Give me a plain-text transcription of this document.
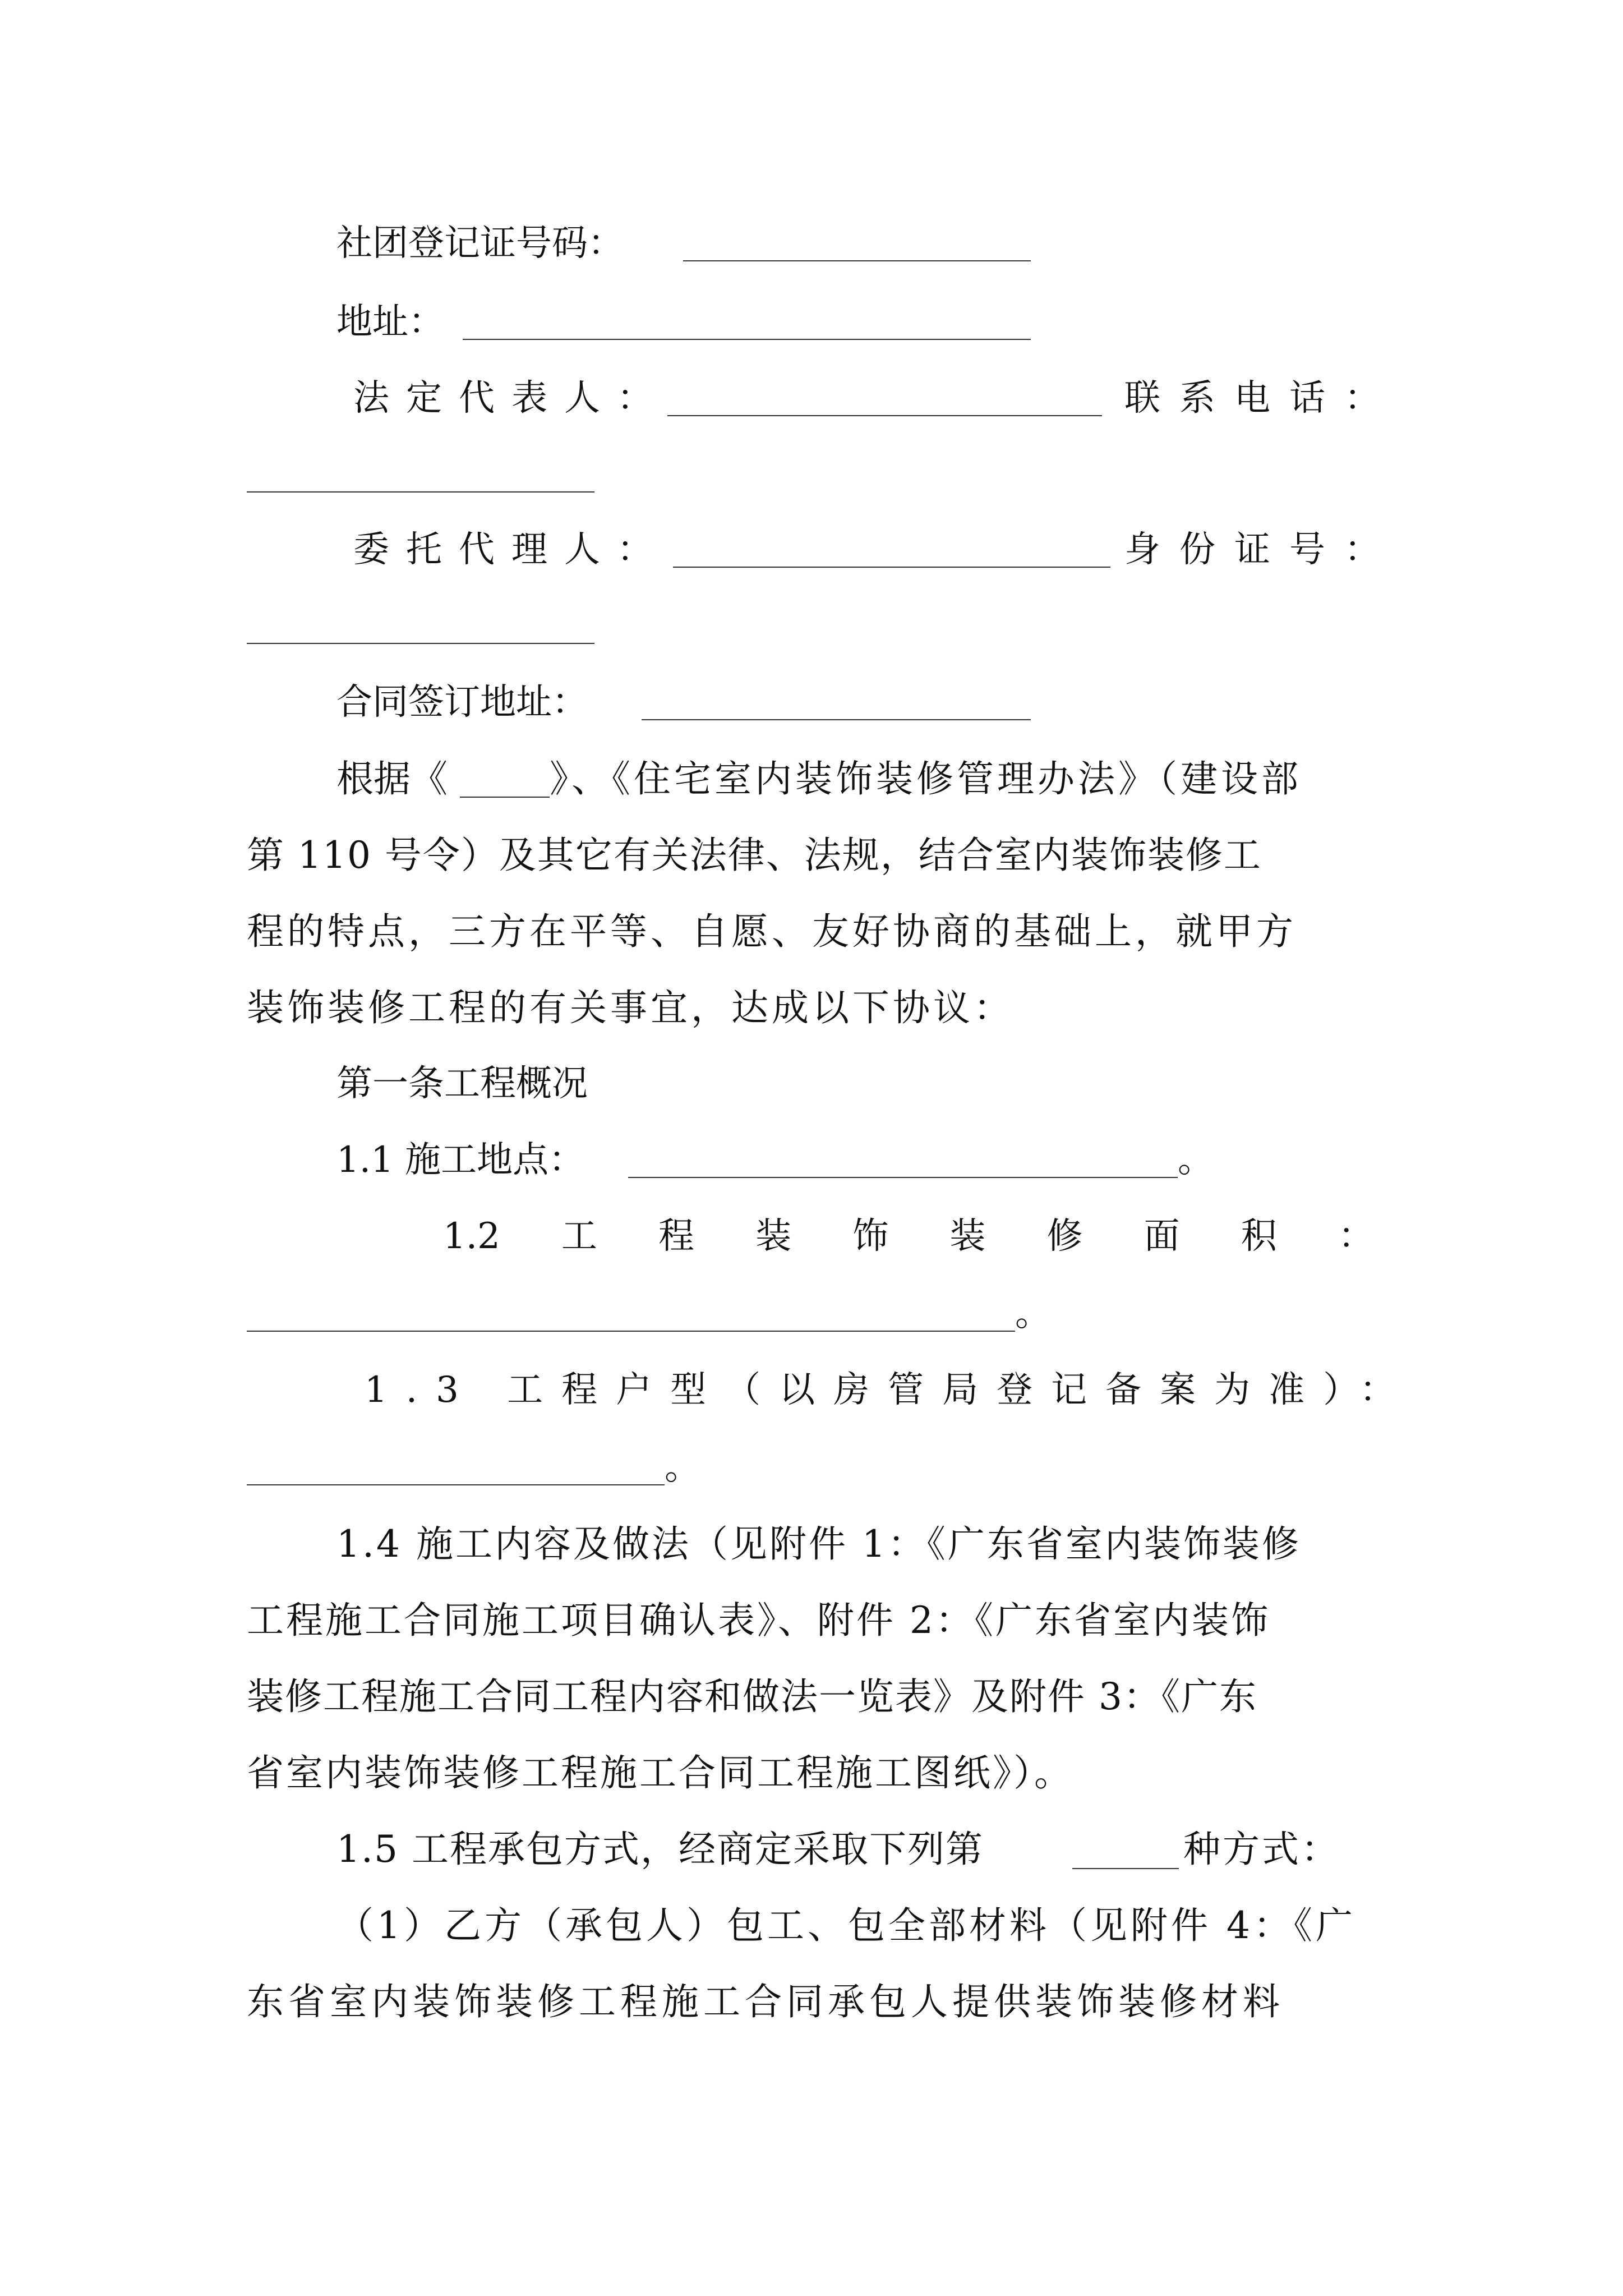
社团登记证号码：
地址：
法定代表人：	联系电话：
委托代理人：	身份证号：
合同签订地址：
根据《	》、《住宅室内装饰装修管理办法》（建设部
第 110 号令）及其它有关法律、法规，结合室内装饰装修工
程的特点，三方在平等、自愿、友好协商的基础上，就甲方
装饰装修工程的有关事宜，达成以下协议：
第一条工程概况
1.1 施工地点：	。
1.2 工 程 装 饰 装 修 面 积 ：
。
1.3 工程户型（以房管局登记备案为准）：
。
1.4 施工内容及做法（见附件 1：《广东省室内装饰装修
工程施工合同施工项目确认表》、附件 2：《广东省室内装饰
装修工程施工合同工程内容和做法一览表》及附件 3：《广东
省室内装饰装修工程施工合同工程施工图纸》）。
1.5 工程承包方式，经商定采取下列第	种方式：
（1）乙方（承包人）包工、包全部材料（见附件 4：《广
东省室内装饰装修工程施工合同承包人提供装饰装修材料
